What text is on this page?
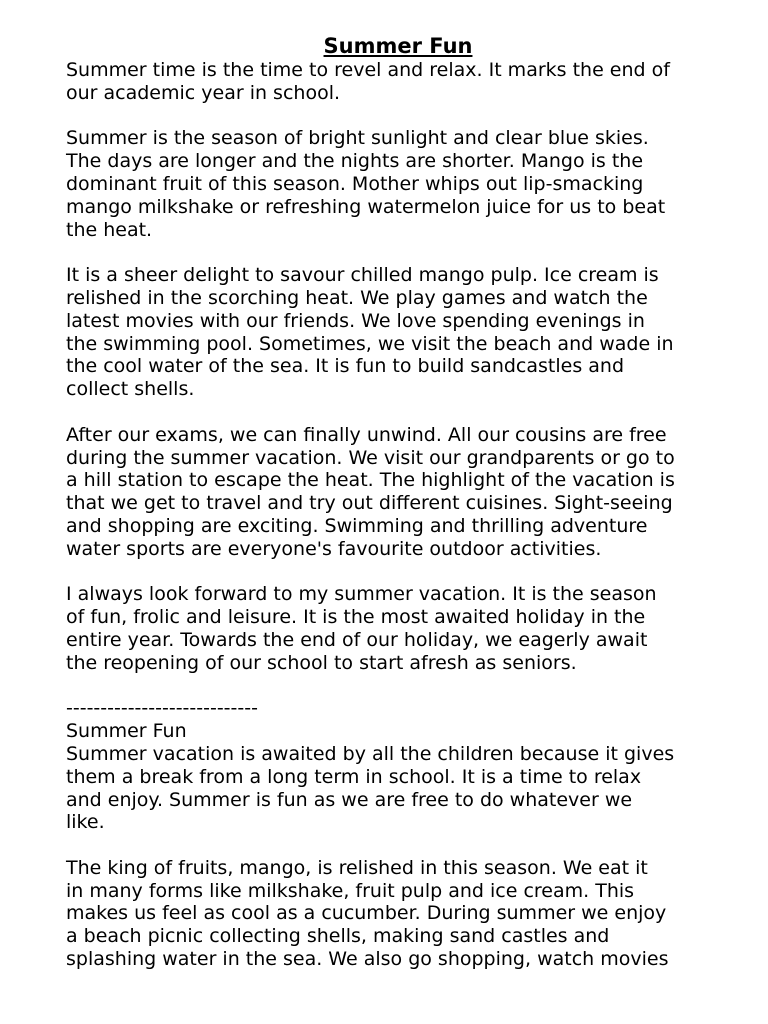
Summer Fun

Summer time is the time to revel and relax. It marks the end of
our academic year in school.

Summer is the season of bright sunlight and clear blue skies.
The days are longer and the nights are shorter. Mango is the
dominant fruit of this season. Mother whips out lip-smacking
mango milkshake or refreshing watermelon juice for us to beat
the heat.

It is a sheer delight to savour chilled mango pulp. Ice cream is
relished in the scorching heat. We play games and watch the
latest movies with our friends. We love spending evenings in
the swimming pool. Sometimes, we visit the beach and wade in
the cool water of the sea. It is fun to build sandcastles and
collect shells.

After our exams, we can finally unwind. All our cousins are free
during the summer vacation. We visit our grandparents or go to
a hill station to escape the heat. The highlight of the vacation is
that we get to travel and try out different cuisines. Sight-seeing
and shopping are exciting. Swimming and thrilling adventure
water sports are everyone's favourite outdoor activities.

I always look forward to my summer vacation. It is the season
of fun, frolic and leisure. It is the most awaited holiday in the
entire year. Towards the end of our holiday, we eagerly await
the reopening of our school to start afresh as seniors.

----------------------------

Summer Fun

Summer vacation is awaited by all the children because it gives
them a break from a long term in school. It is a time to relax
and enjoy. Summer is fun as we are free to do whatever we
like.

The king of fruits, mango, is relished in this season. We eat it
in many forms like milkshake, fruit pulp and ice cream. This
makes us feel as cool as a cucumber. During summer we enjoy
a beach picnic collecting shells, making sand castles and
splashing water in the sea. We also go shopping, watch movies
